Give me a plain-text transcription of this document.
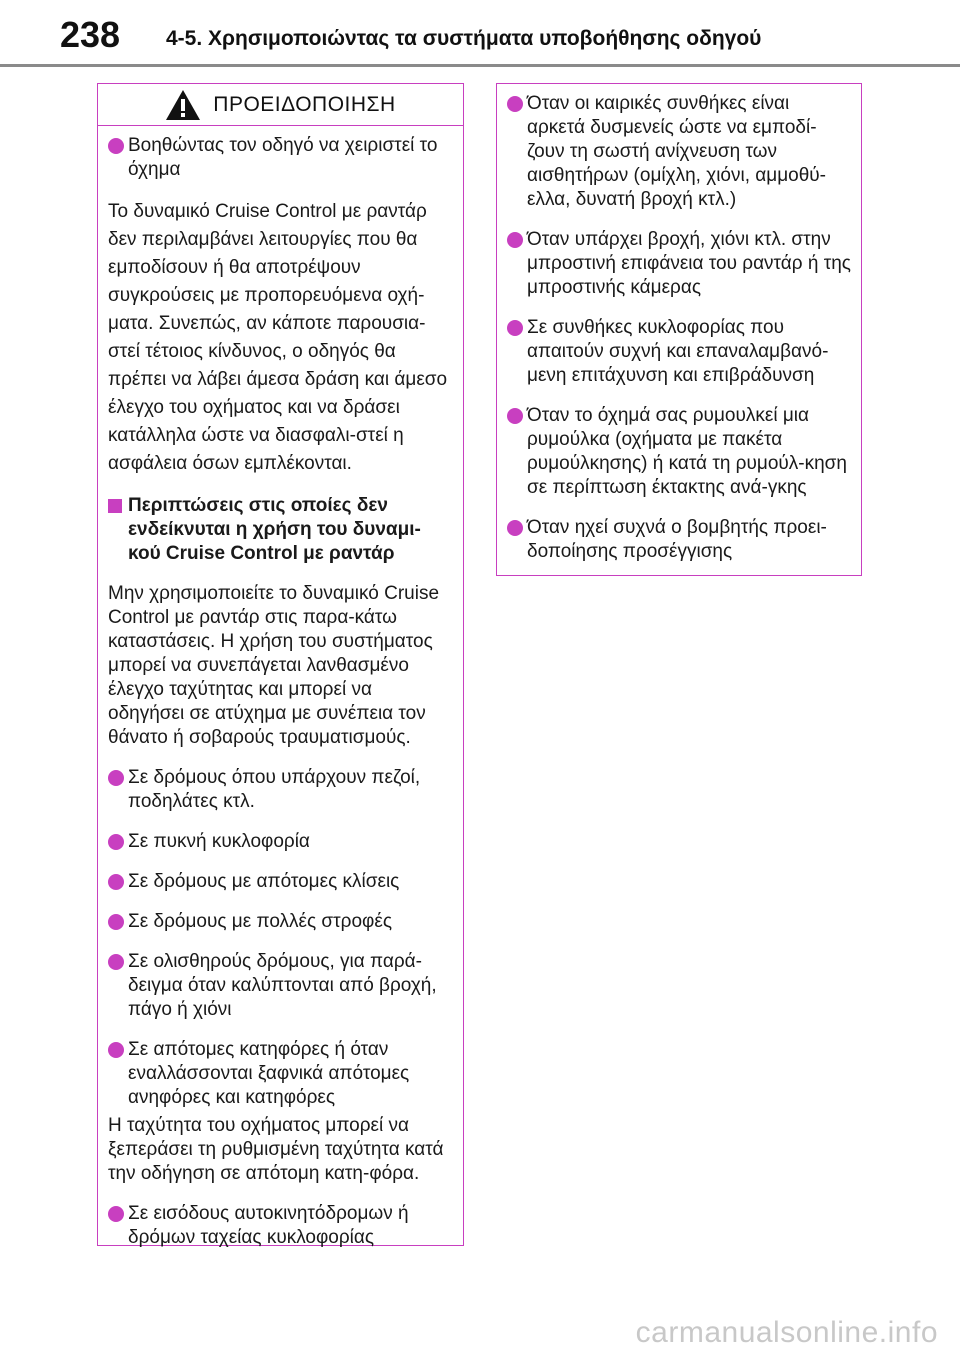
238 4-5. Χρησιμοποιώντας τα συστήματα υποβοήθησης οδηγού
ΠΡΟΕΙΔΟΠΟΙΗΣΗ
Βοηθώντας τον οδηγό να χειριστεί το όχημα

Το δυναμικό Cruise Control με ραντάρ δεν περιλαμβάνει λειτουργίες που θα εμποδίσουν ή θα αποτρέψουν συγκρούσεις με προπορευόμενα οχή-ματα. Συνεπώς, αν κάποτε παρουσια-στεί τέτοιος κίνδυνος, ο οδηγός θα πρέπει να λάβει άμεσα δράση και άμεσο έλεγχο του οχήματος και να δράσει κατάλληλα ώστε να διασφαλι-στεί η ασφάλεια όσων εμπλέκονται.

Περιπτώσεις στις οποίες δεν ενδείκνυται η χρήση του δυναμι-κού Cruise Control με ραντάρ

Μην χρησιμοποιείτε το δυναμικό Cruise Control με ραντάρ στις παρα-κάτω καταστάσεις. Η χρήση του συστήματος μπορεί να συνεπάγεται λανθασμένο έλεγχο ταχύτητας και μπορεί να οδηγήσει σε ατύχημα με συνέπεια τον θάνατο ή σοβαρούς τραυματισμούς.

Σε δρόμους όπου υπάρχουν πεζοί, ποδηλάτες κτλ.
Σε πυκνή κυκλοφορία
Σε δρόμους με απότομες κλίσεις
Σε δρόμους με πολλές στροφές
Σε ολισθηρούς δρόμους, για παρά-δειγμα όταν καλύπτονται από βροχή, πάγο ή χιόνι
Σε απότομες κατηφόρες ή όταν εναλλάσσονται ξαφνικά απότομες ανηφόρες και κατηφόρες

Η ταχύτητα του οχήματος μπορεί να ξεπεράσει τη ρυθμισμένη ταχύτητα κατά την οδήγηση σε απότομη κατη-φόρα.

Σε εισόδους αυτοκινητόδρομων ή δρόμων ταχείας κυκλοφορίας
Όταν οι καιρικές συνθήκες είναι αρκετά δυσμενείς ώστε να εμποδί-ζουν τη σωστή ανίχνευση των αισθητήρων (ομίχλη, χιόνι, αμμοθύ-ελλα, δυνατή βροχή κτλ.)
Όταν υπάρχει βροχή, χιόνι κτλ. στην μπροστινή επιφάνεια του ραντάρ ή της μπροστινής κάμερας
Σε συνθήκες κυκλοφορίας που απαιτούν συχνή και επαναλαμβανό-μενη επιτάχυνση και επιβράδυνση
Όταν το όχημά σας ρυμουλκεί μια ρυμούλκα (οχήματα με πακέτα ρυμούλκησης) ή κατά τη ρυμούλ-κηση σε περίπτωση έκτακτης ανά-γκης
Όταν ηχεί συχνά ο βομβητής προει-δοποίησης προσέγγισης
carmanualsonline.info
